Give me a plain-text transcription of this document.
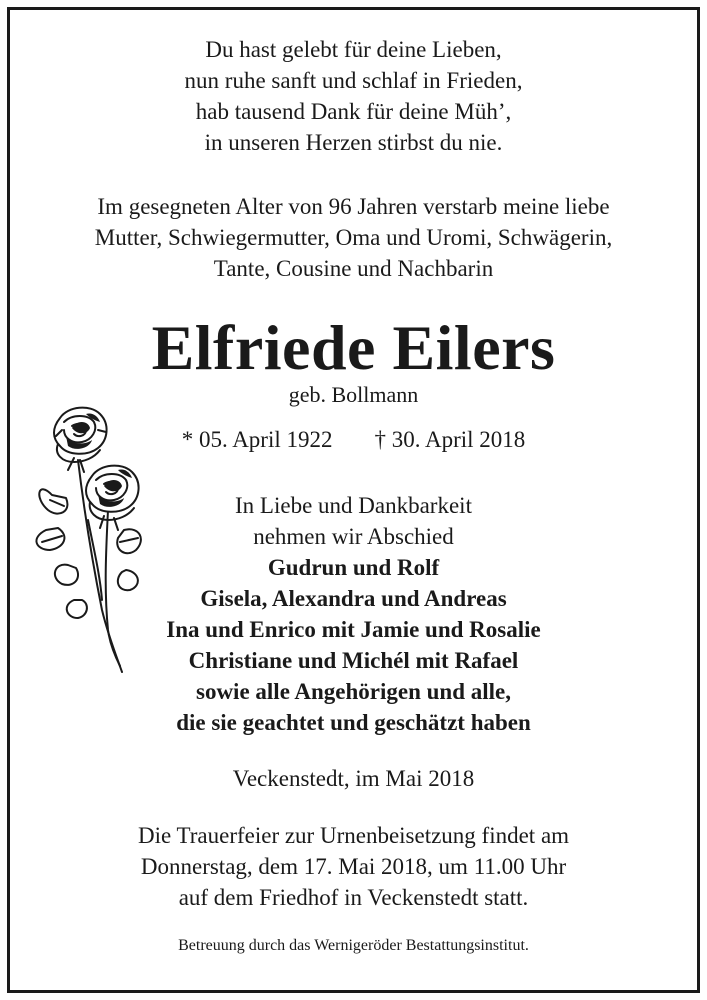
Du hast gelebt für deine Lieben,
nun ruhe sanft und schlaf in Frieden,
hab tausend Dank für deine Müh’,
in unseren Herzen stirbst du nie.
Im gesegneten Alter von 96 Jahren verstarb meine liebe
Mutter, Schwiegermutter, Oma und Uromi, Schwägerin,
Tante, Cousine und Nachbarin
Elfriede Eilers
geb. Bollmann
* 05. April 1922 † 30. April 2018
In Liebe und Dankbarkeit
nehmen wir Abschied
Gudrun und Rolf
Gisela, Alexandra und Andreas
Ina und Enrico mit Jamie und Rosalie
Christiane und Michél mit Rafael
sowie alle Angehörigen und alle,
die sie geachtet und geschätzt haben
Veckenstedt, im Mai 2018
Die Trauerfeier zur Urnenbeisetzung findet am
Donnerstag, dem 17. Mai 2018, um 11.00 Uhr
auf dem Friedhof in Veckenstedt statt.
Betreuung durch das Wernigeröder Bestattungsinstitut.
